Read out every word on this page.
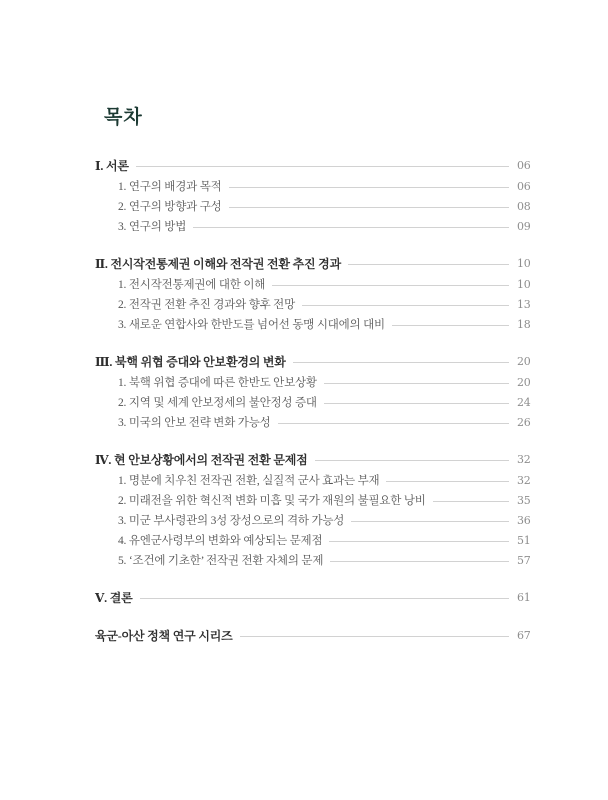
목차
Ⅰ. 서론	06
1. 연구의 배경과 목적	06
2. 연구의 방향과 구성	08
3. 연구의 방법	09
Ⅱ. 전시작전통제권 이해와 전작권 전환 추진 경과	10
1. 전시작전통제권에 대한 이해	10
2. 전작권 전환 추진 경과와 향후 전망	13
3. 새로운 연합사와 한반도를 넘어선 동맹 시대에의 대비	18
Ⅲ. 북핵 위협 증대와 안보환경의 변화	20
1. 북핵 위협 증대에 따른 한반도 안보상황	20
2. 지역 및 세계 안보정세의 불안정성 증대	24
3. 미국의 안보 전략 변화 가능성	26
Ⅳ. 현 안보상황에서의 전작권 전환 문제점	32
1. 명분에 치우친 전작권 전환, 실질적 군사 효과는 부재	32
2. 미래전을 위한 혁신적 변화 미흡 및 국가 재원의 불필요한 낭비	35
3. 미군 부사령관의 3성 장성으로의 격하 가능성	36
4. 유엔군사령부의 변화와 예상되는 문제점	51
5. ‘조건에 기초한’ 전작권 전환 자체의 문제	57
Ⅴ. 결론	61
육군-아산 정책 연구 시리즈	67
